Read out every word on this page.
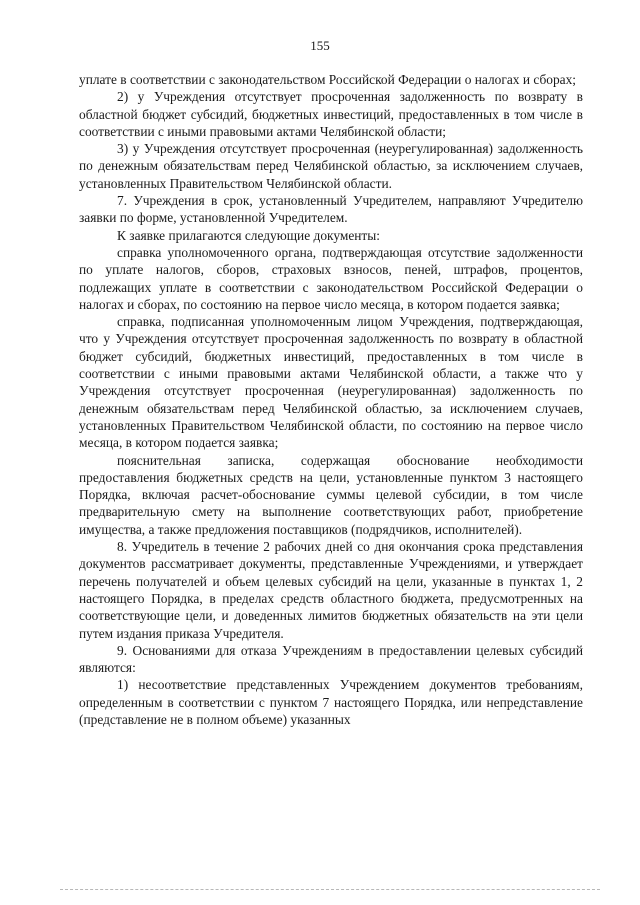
155

уплате в соответствии с законодательством Российской Федерации о налогах и сборах;

2) у Учреждения отсутствует просроченная задолженность по возврату в областной бюджет субсидий, бюджетных инвестиций, предоставленных в том числе в соответствии с иными правовыми актами Челябинской области;

3) у Учреждения отсутствует просроченная (неурегулированная) задолженность по денежным обязательствам перед Челябинской областью, за исключением случаев, установленных Правительством Челябинской области.

7. Учреждения в срок, установленный Учредителем, направляют Учредителю заявки по форме, установленной Учредителем.

К заявке прилагаются следующие документы:

справка уполномоченного органа, подтверждающая отсутствие задолженности по уплате налогов, сборов, страховых взносов, пеней, штрафов, процентов, подлежащих уплате в соответствии с законодательством Российской Федерации о налогах и сборах, по состоянию на первое число месяца, в котором подается заявка;

справка, подписанная уполномоченным лицом Учреждения, подтверждающая, что у Учреждения отсутствует просроченная задолженность по возврату в областной бюджет субсидий, бюджетных инвестиций, предоставленных в том числе в соответствии с иными правовыми актами Челябинской области, а также что у Учреждения отсутствует просроченная (неурегулированная) задолженность по денежным обязательствам перед Челябинской областью, за исключением случаев, установленных Правительством Челябинской области, по состоянию на первое число месяца, в котором подается заявка;

пояснительная записка, содержащая обоснование необходимости предоставления бюджетных средств на цели, установленные пунктом 3 настоящего Порядка, включая расчет-обоснование суммы целевой субсидии, в том числе предварительную смету на выполнение соответствующих работ, приобретение имущества, а также предложения поставщиков (подрядчиков, исполнителей).

8. Учредитель в течение 2 рабочих дней со дня окончания срока представления документов рассматривает документы, представленные Учреждениями, и утверждает перечень получателей и объем целевых субсидий на цели, указанные в пунктах 1, 2 настоящего Порядка, в пределах средств областного бюджета, предусмотренных на соответствующие цели, и доведенных лимитов бюджетных обязательств на эти цели путем издания приказа Учредителя.

9. Основаниями для отказа Учреждениям в предоставлении целевых субсидий являются:

1) несоответствие представленных Учреждением документов требованиям, определенным в соответствии с пунктом 7 настоящего Порядка, или непредставление (представление не в полном объеме) указанных
